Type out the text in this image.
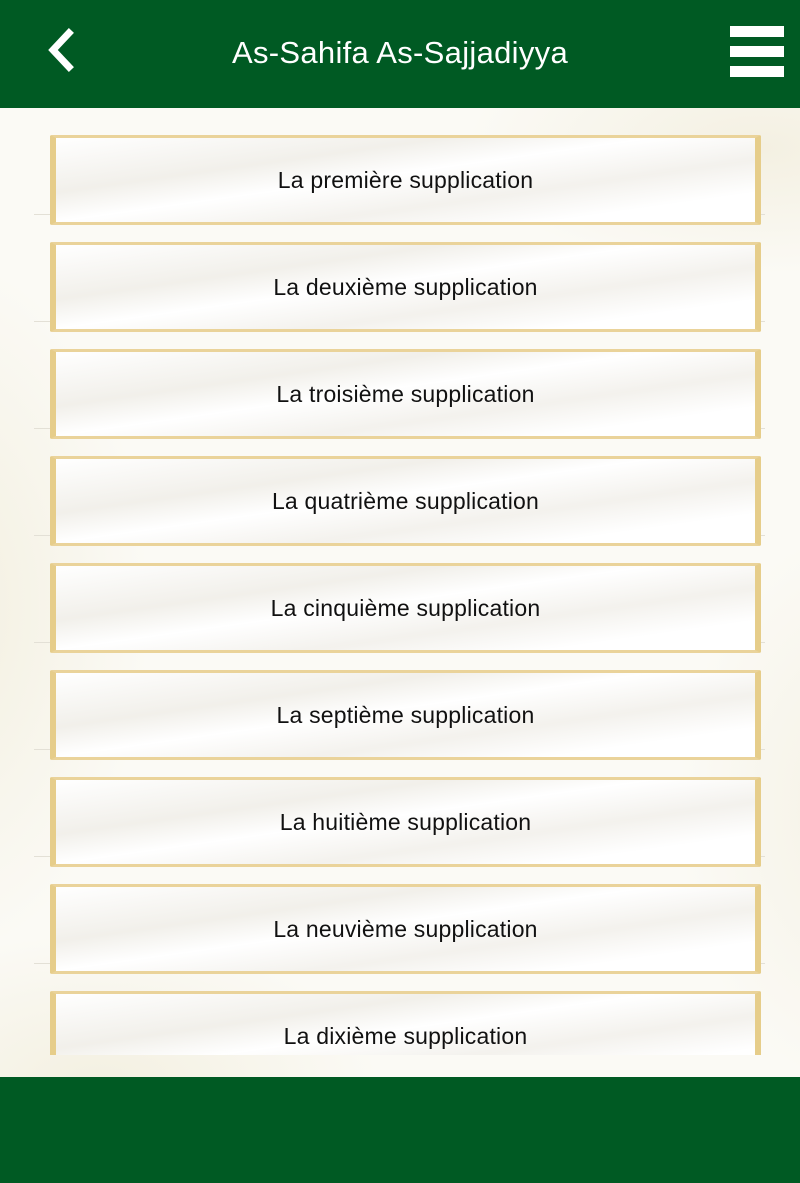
As-Sahifa As-Sajjadiyya
La première supplication
La deuxième supplication
La troisième supplication
La quatrième supplication
La cinquième supplication
La septième supplication
La huitième supplication
La neuvième supplication
La dixième supplication
